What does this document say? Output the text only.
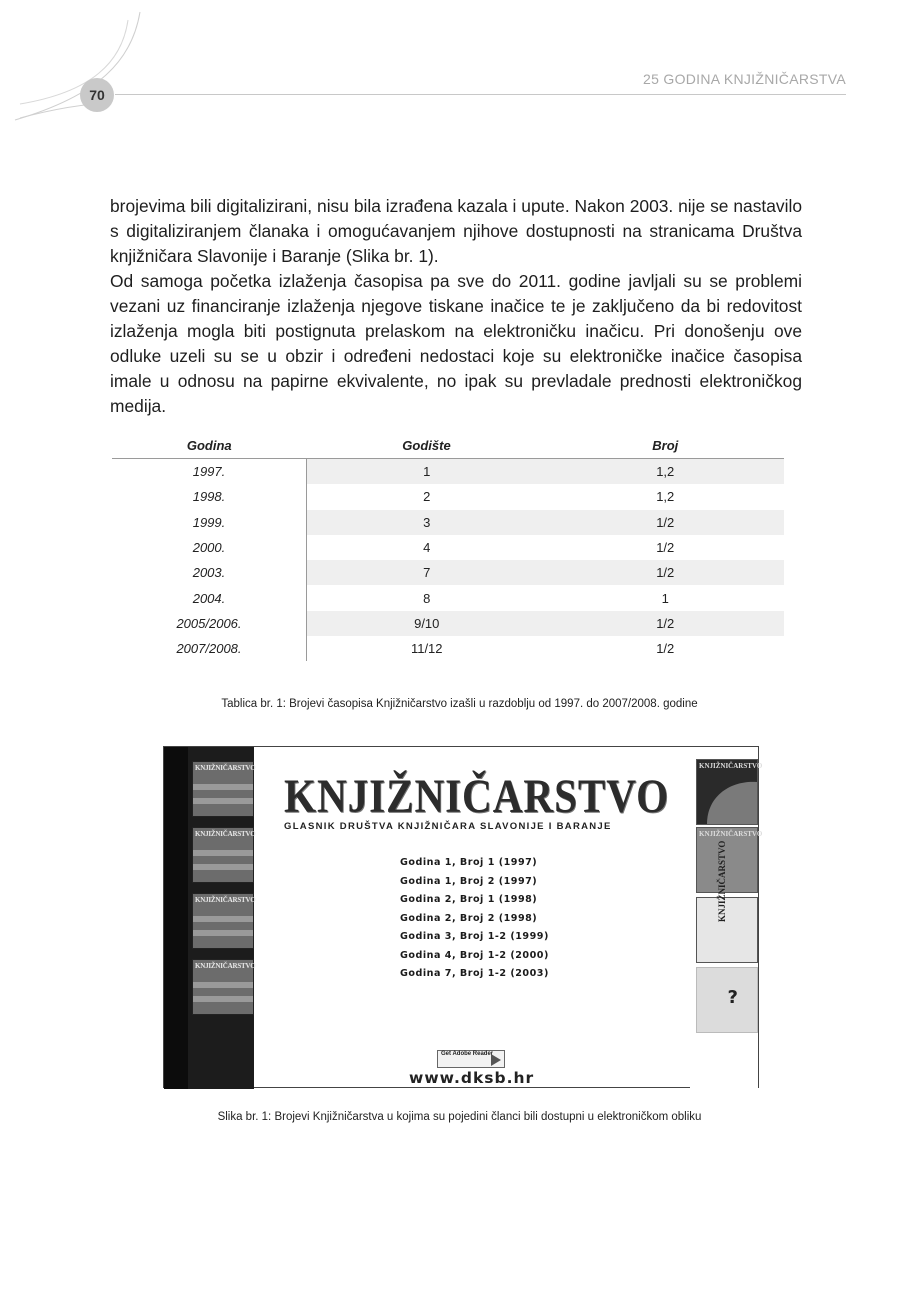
70
25 GODINA KNJIŽNIČARSTVA

brojevima bili digitalizirani, nisu bila izrađena kazala i upute. Nakon 2003. nije se nastavilo s digitaliziranjem članaka i omogućavanjem njihove dostupnosti na stranicama Društva knjižničara Slavonije i Baranje (Slika br. 1).

Od samoga početka izlaženja časopisa pa sve do 2011. godine javljali su se problemi vezani uz financiranje izlaženja njegove tiskane inačice te je zaključeno da bi redovitost izlaženja mogla biti postignuta prelaskom na elektroničku inačicu. Pri donošenju ove odluke uzeli su se u obzir i određeni nedostaci koje su elektroničke inačice časopisa imale u odnosu na papirne ekvivalente, no ipak su prevladale prednosti elektroničkog medija.

Godina	Godište	Broj
1997.	1	1,2
1998.	2	1,2
1999.	3	1/2
2000.	4	1/2
2003.	7	1/2
2004.	8	1
2005/2006.	9/10	1/2
2007/2008.	11/12	1/2
Tablica br. 1: Brojevi časopisa Knjižničarstvo izašli u razdoblju od 1997. do 2007/2008. godine
KNJIŽNIČARSTVO
KNJIŽNIČARSTVO
KNJIŽNIČARSTVO
KNJIŽNIČARSTVO
KNJIŽNIČARSTVO
GLASNIK DRUŠTVA KNJIŽNIČARA SLAVONIJE I BARANJE
Godina 1, Broj 1 (1997)
Godina 1, Broj 2 (1997)
Godina 2, Broj 1 (1998)
Godina 2, Broj 2 (1998)
Godina 3, Broj 1-2 (1999)
Godina 4, Broj 1-2 (2000)
Godina 7, Broj 1-2 (2003)
KNJIŽNIČARSTVO
KNJIŽNIČARSTVO
KNJIŽNIČARSTVO
?
Get Adobe Reader
www.dksb.hr
Slika br. 1: Brojevi Knjižničarstva u kojima su pojedini članci bili dostupni u elektroničkom obliku
